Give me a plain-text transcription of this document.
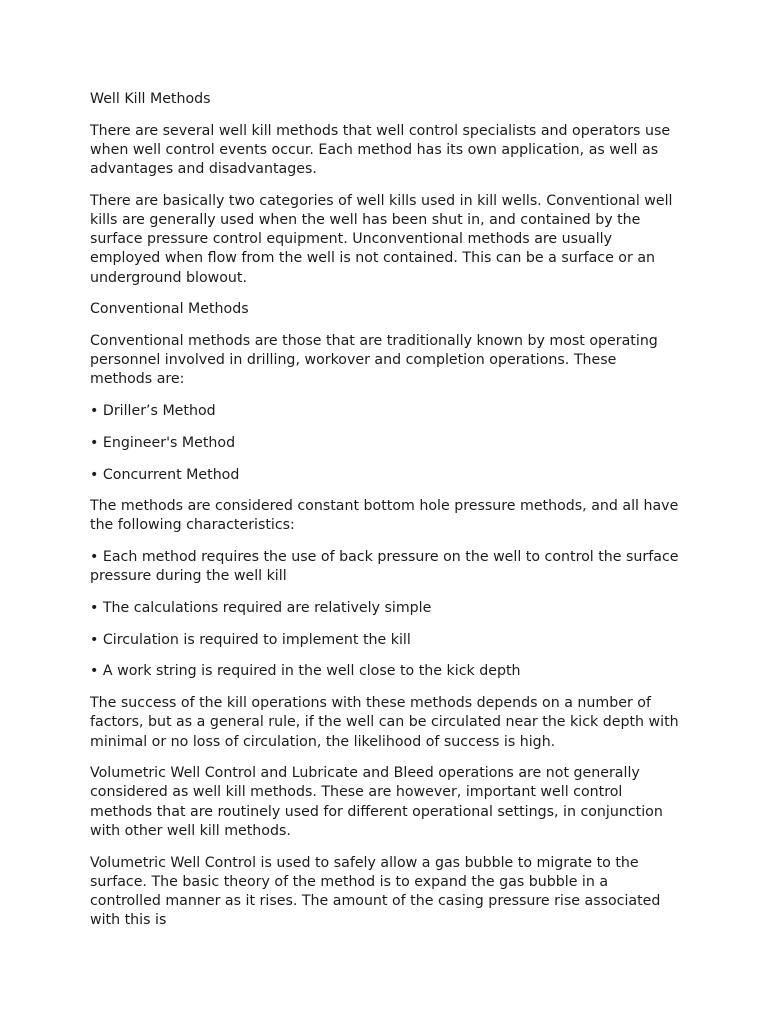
Well Kill Methods

There are several well kill methods that well control specialists and operators use when well control events occur. Each method has its own application, as well as advantages and disadvantages.

There are basically two categories of well kills used in kill wells. Conventional well kills are generally used when the well has been shut in, and contained by the surface pressure control equipment. Unconventional methods are usually employed when flow from the well is not contained. This can be a surface or an underground blowout.

Conventional Methods

Conventional methods are those that are traditionally known by most operating personnel involved in drilling, workover and completion operations. These methods are:

• Driller’s Method

• Engineer's Method

• Concurrent Method

The methods are considered constant bottom hole pressure methods, and all have the following characteristics:

• Each method requires the use of back pressure on the well to control the surface pressure during the well kill

• The calculations required are relatively simple

• Circulation is required to implement the kill

• A work string is required in the well close to the kick depth

The success of the kill operations with these methods depends on a number of factors, but as a general rule, if the well can be circulated near the kick depth with minimal or no loss of circulation, the likelihood of success is high.

Volumetric Well Control and Lubricate and Bleed operations are not generally considered as well kill methods. These are however, important well control methods that are routinely used for different operational settings, in conjunction with other well kill methods.

Volumetric Well Control is used to safely allow a gas bubble to migrate to the surface. The basic theory of the method is to expand the gas bubble in a controlled manner as it rises. The amount of the casing pressure rise associated with this is
